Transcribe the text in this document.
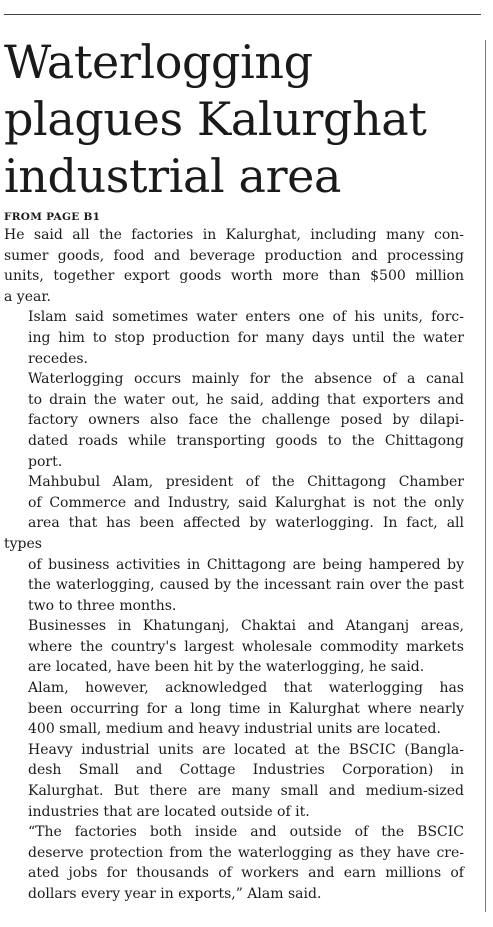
Waterlogging
plagues Kalurghat
industrial area
FROM PAGE B1

He said all the factories in Kalurghat, including many con-
sumer goods, food and beverage production and processing
units, together export goods worth more than $500 million
a year.

Islam said sometimes water enters one of his units, forc-
ing him to stop production for many days until the water
recedes.

Waterlogging occurs mainly for the absence of a canal
to drain the water out, he said, adding that exporters and
factory owners also face the challenge posed by dilapi-
dated roads while transporting goods to the Chittagong
port.

Mahbubul Alam, president of the Chittagong Chamber
of Commerce and Industry, said Kalurghat is not the only
area that has been affected by waterlogging. In fact, all types
of business activities in Chittagong are being hampered by
the waterlogging, caused by the incessant rain over the past
two to three months.

Businesses in Khatunganj, Chaktai and Atanganj areas,
where the country's largest wholesale commodity markets
are located, have been hit by the waterlogging, he said.

Alam, however, acknowledged that waterlogging has
been occurring for a long time in Kalurghat where nearly
400 small, medium and heavy industrial units are located.

Heavy industrial units are located at the BSCIC (Bangla-
desh Small and Cottage Industries Corporation) in
Kalurghat. But there are many small and medium-sized
industries that are located outside of it.

“The factories both inside and outside of the BSCIC
deserve protection from the waterlogging as they have cre-
ated jobs for thousands of workers and earn millions of
dollars every year in exports,” Alam said.
